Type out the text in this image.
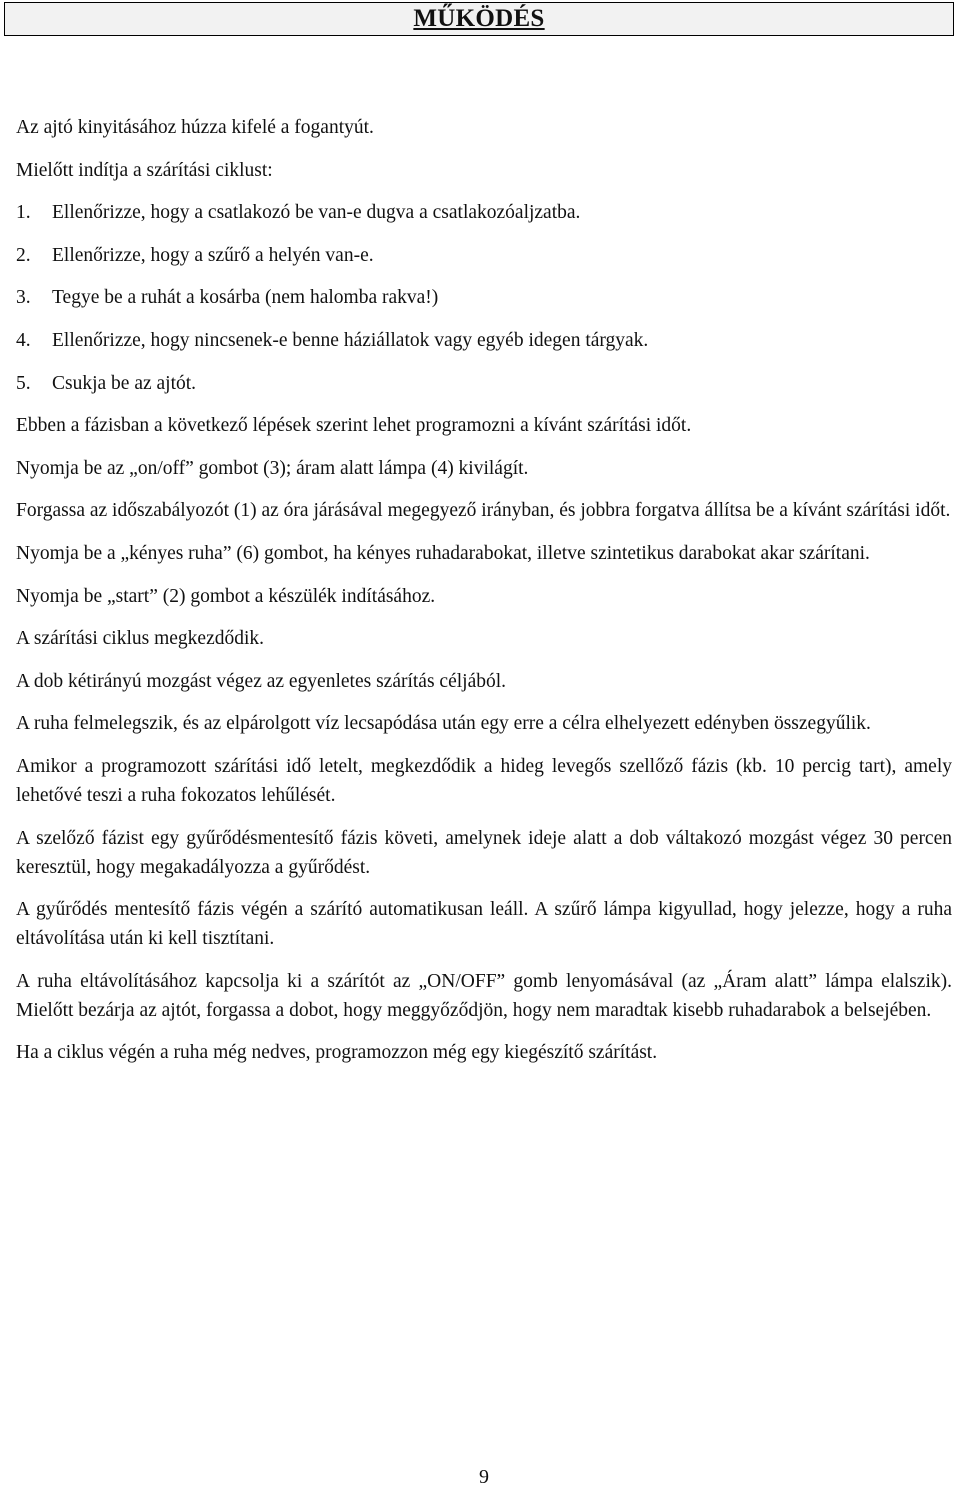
MŰKÖDÉS

Az ajtó kinyitásához húzza kifelé a fogantyút.

Mielőtt indítja a szárítási ciklust:

1. Ellenőrizze, hogy a csatlakozó be van-e dugva a csatlakozóaljzatba.

2. Ellenőrizze, hogy a szűrő a helyén van-e.

3. Tegye be a ruhát a kosárba (nem halomba rakva!)

4. Ellenőrizze, hogy nincsenek-e benne háziállatok vagy egyéb idegen tárgyak.

5. Csukja be az ajtót.

Ebben a fázisban a következő lépések szerint lehet programozni a kívánt szárítási időt.

Nyomja be az „on/off” gombot (3); áram alatt lámpa (4) kivilágít.

Forgassa az időszabályozót (1) az óra járásával megegyező irányban, és jobbra forgatva állítsa be a kívánt szárítási időt.

Nyomja be a „kényes ruha” (6) gombot, ha kényes ruhadarabokat, illetve szintetikus darabokat akar szárítani.

Nyomja be „start” (2) gombot a készülék indításához.

A szárítási ciklus megkezdődik.

A dob kétirányú mozgást végez az egyenletes szárítás céljából.

A ruha felmelegszik, és az elpárolgott víz lecsapódása után egy erre a célra elhelyezett edényben összegyűlik.

Amikor a programozott szárítási idő letelt, megkezdődik a hideg levegős szellőző fázis (kb. 10 percig tart), amely lehetővé teszi a ruha fokozatos lehűlését.

A szelőző fázist egy gyűrődésmentesítő fázis követi, amelynek ideje alatt a dob váltakozó mozgást végez 30 percen keresztül, hogy megakadályozza a gyűrődést.

A gyűrődés mentesítő fázis végén a szárító automatikusan leáll. A szűrő lámpa kigyullad, hogy jelezze, hogy a ruha eltávolítása után ki kell tisztítani.

A ruha eltávolításához kapcsolja ki a szárítót az „ON/OFF” gomb lenyomásával (az „Áram alatt” lámpa elalszik). Mielőtt bezárja az ajtót, forgassa a dobot, hogy meggyőződjön, hogy nem maradtak kisebb ruhadarabok a belsejében.

Ha a ciklus végén a ruha még nedves, programozzon még egy kiegészítő szárítást.

9
